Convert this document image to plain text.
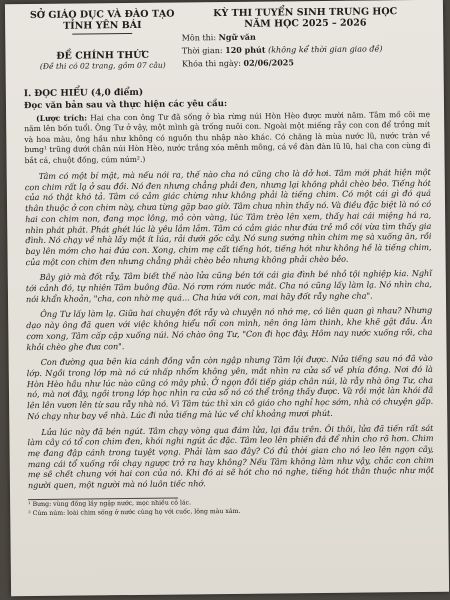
SỞ GIÁO DỤC VÀ ĐÀO TẠO
TỈNH YÊN BÁI
ĐỀ CHÍNH THỨC
(Đề thi có 02 trang, gồm 07 câu)
KỲ THI TUYỂN SINH TRUNG HỌC
NĂM HỌC 2025 – 2026
Môn thi: Ngữ văn
Thời gian: 120 phút (không kể thời gian giao đề)
Khóa thi ngày: 02/06/2025
I. ĐỌC HIỂU (4,0 điểm)
Đọc văn bản sau và thực hiện các yêu cầu:

(Lược trích: Hai cha con ông Tư đã sống ở bìa rừng núi Hòn Hèo được mười năm. Tâm mồ côi mẹ năm lên bốn tuổi. Ông Tư ở vậy, một mình gà trống nuôi con. Ngoài một miếng rẫy con con để trồng mít và hoa màu, ông hầu như không có nguồn thu nhập nào khác. Có chăng là mùa nước lũ, nước tràn về bưng¹ trũng dưới chân núi Hòn Hèo, nước trắng xóa mênh mông, cá về đàn đàn lũ lũ, hai cha con cùng đi bắt cá, chuột đồng, cúm núm².)

Tâm có một bí mật, mà nếu nói ra, thế nào cha nó cũng cho là dở hơi. Tâm mới phát hiện một con chim rất lạ ở sau đồi. Nó đen nhưng chẳng phải đen, nhưng lại không phải chèo bẻo. Tiếng hót của nó thật khó tả. Tâm có cảm giác chừng như không phải là tiếng chim. Có một cái gì đó quá thân thuộc ở con chim này, chưa từng gặp bao giờ. Tâm chưa nhìn thấy nó. Và điều đặc biệt là nó có hai con chim non, đang mọc lông, mỏ còn vàng, lúc Tâm trèo lên xem, thấy hai cái miệng há ra, nhìn phát phát. Phát ghét lúc là yêu lắm lắm. Tâm có cảm giác như đứa trẻ mồ côi vừa tìm thấy gia đình. Nó chạy về nhà lấy một ít lúa, rải dưới gốc cây. Nó sung sướng nhìn chim mẹ sà xuống ăn, rồi bay lên mớm cho hai đứa con. Xong, chim mẹ cất tiếng hót, tiếng hót như không hề là tiếng chim, của một con chim đen nhưng chẳng phải chèo bẻo nhưng không phải chèo bẻo.

Bây giờ mà đốt rẫy, Tâm biết thế nào lửa cũng bén tới cái gia đình bé nhỏ tội nghiệp kia. Nghĩ tới cảnh đó, tự nhiên Tâm buông đũa. Nó rơm rớm nước mắt. Cha nó cũng lấy làm lạ. Nó nhìn cha, nói khẩn khoản, "cha, con nhờ mẹ quá… Cha hứa với con, mai hãy đốt rẫy nghe cha".

Ông Tư lấy làm lạ. Giữa hai chuyện đốt rẫy và chuyện nó nhớ mẹ, có liên quan gì nhau? Nhưng dạo này ông đã quen với việc không hiểu nổi con mình, nên ông làm thinh, khe khẽ gật đầu. Ăn cơm xong, Tâm cấp cập xuống núi. Nó chào ông Tư, "Con đi học đây. Hôm nay nước xuống rồi, cha khỏi chèo ghe đưa con".

Con đường qua bên kia cánh đồng vẫn còn ngập nhưng Tâm lội được. Nửa tiếng sau nó đã vào lớp. Ngồi trong lớp mà nó cứ nhấp nhổm không yên, mắt nhìn ra cửa sổ về phía đồng. Nơi đó là Hòn Hèo hầu như lúc nào cũng có mây phủ. Ở ngọn đồi tiếp giáp chân núi, là rẫy nhà ông Tư, cha nó, mà nơi đây, ngồi trong lớp học nhìn ra cửa sổ nó có thể trông thấy được. Và rồi một làn khói đã lên lên vươn lên từ sau rẫy nhà nó. Vì Tâm túc thì xin cô giáo cho nghỉ học sớm, nhà có chuyện gấp. Nó chạy như bay về nhà. Lúc đi nửa tiếng mà lúc về chỉ khoảng mươi phút.

Lửa lúc này đã bén ngút. Tâm chạy vòng qua đám lửa, lại đầu trên. Ôi thôi, lửa đã tiến rất sát làm cây có tổ con chim đen, khói nghi ngút ắc đặc. Tâm leo lên phiến đá để nhìn cho rõ hơn. Chim mẹ đang đập cánh trong tuyệt vọng. Phải làm sao đây? Có đủ thời gian cho nó leo lên ngọn cây, mang cái tổ xuống rồi chạy ngược trở ra hay không? Nếu Tâm không làm như vậy, chắc con chim mẹ sẽ chết chung với hai con của nó. Khi đó ai sẽ hót cho nó nghe, tiếng hót thân thuộc như một người quen, một người mà nó luôn tiếc nhớ.

¹ Bưng: vùng đồng lầy ngập nước, mọc nhiều cỏ lác.
² Cúm núm: loài chim sống ở nước cùng họ với cuốc, lông màu xám.
